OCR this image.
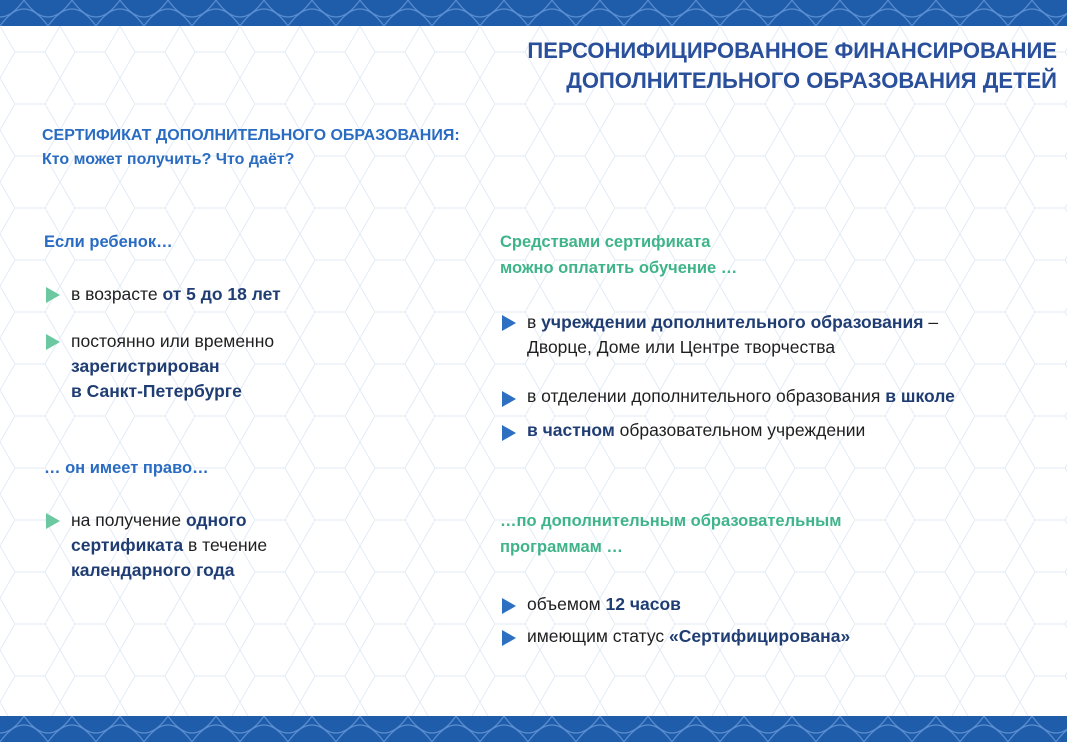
ПЕРСОНИФИЦИРОВАННОЕ ФИНАНСИРОВАНИЕ
ДОПОЛНИТЕЛЬНОГО ОБРАЗОВАНИЯ ДЕТЕЙ
СЕРТИФИКАТ ДОПОЛНИТЕЛЬНОГО ОБРАЗОВАНИЯ:
Кто может получить? Что даёт?
Если ребенок…
в возрасте от 5 до 18 лет
постоянно или временно
зарегистрирован
в Санкт-Петербурге
… он имеет право…
на получение одного
сертификата в течение
календарного года
Средствами сертификата
можно оплатить обучение …
в учреждении дополнительного образования –
Дворце, Доме или Центре творчества
в отделении дополнительного образования в школе
в частном образовательном учреждении
…по дополнительным образовательным
программам …
объемом 12 часов
имеющим статус «Сертифицирована»
